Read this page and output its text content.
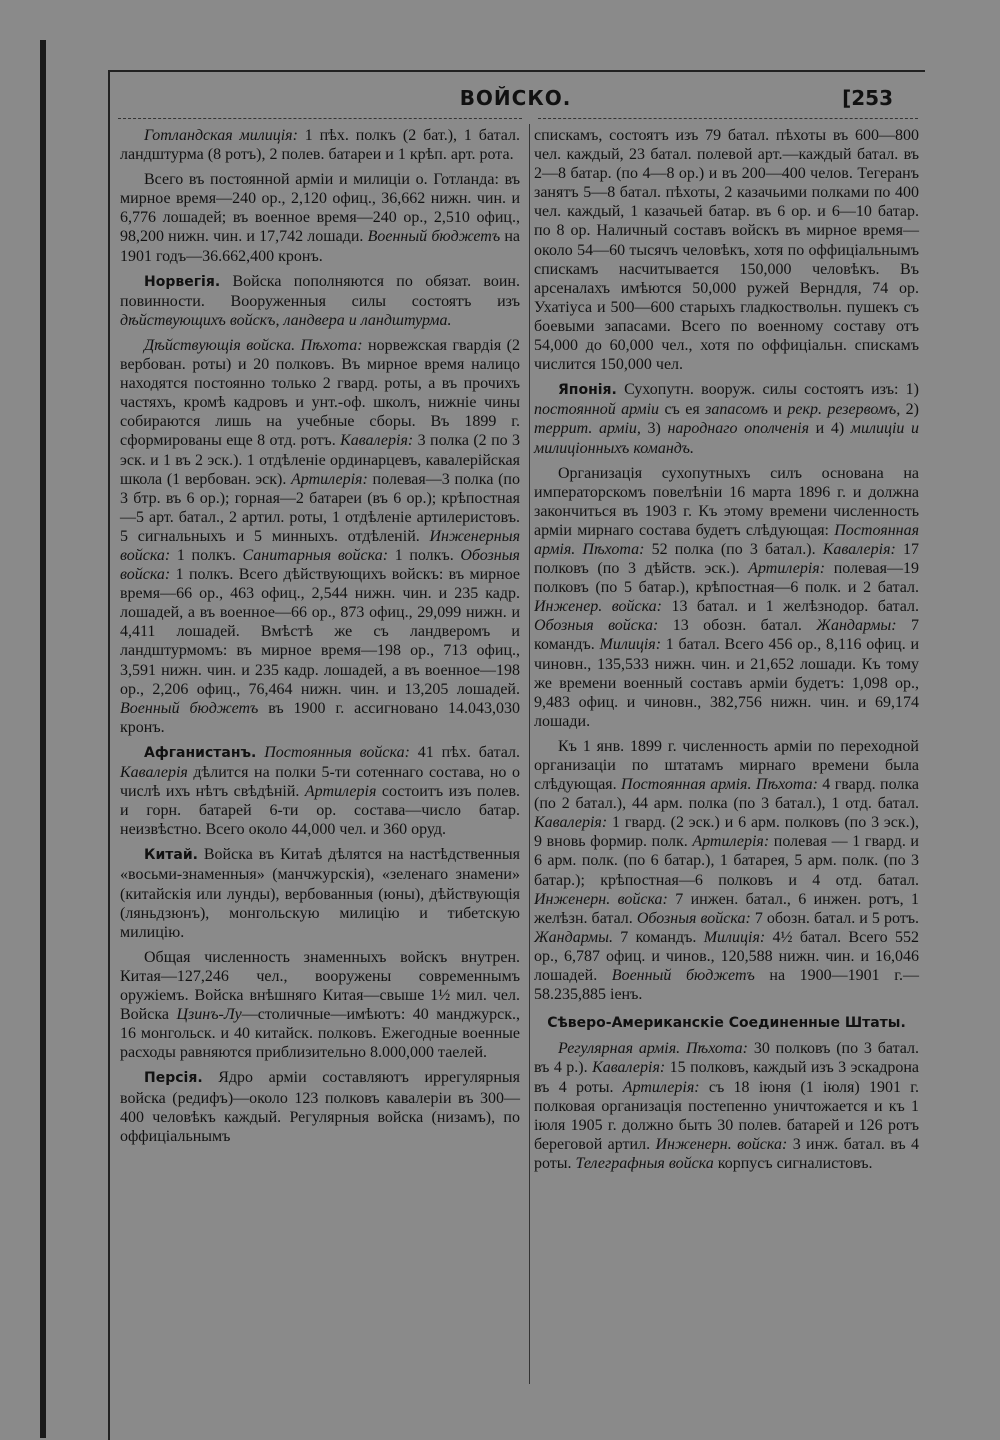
ВОЙСКО.	[253

Готландская милиція: 1 пѣх. полкъ (2 бат.), 1 батал. ландштурма (8 ротъ), 2 полев. батареи и 1 крѣп. арт. рота.

Всего въ постоянной арміи и милиціи о. Готланда: въ мирное время—240 ор., 2,120 офиц., 36,662 нижн. чин. и 6,776 лошадей; въ военное время—240 ор., 2,510 офиц., 98,200 нижн. чин. и 17,742 лошади. Военный бюджетъ на 1901 годъ—36.662,400 кронъ.

Норвегія. Войска пополняются по обязат. воин. повинности. Вооруженныя силы состоятъ изъ дѣйствующихъ войскъ, ландвера и ландштурма.

Дѣйствующія войска. Пѣхота: норвежская гвардія (2 вербован. роты) и 20 полковъ. Въ мирное время налицо находятся постоянно только 2 гвард. роты, а въ прочихъ частяхъ, кромѣ кадровъ и унт.-оф. школъ, нижніе чины собираются лишь на учебные сборы. Въ 1899 г. сформированы еще 8 отд. ротъ. Кавалерія: 3 полка (2 по 3 эск. и 1 въ 2 эск.). 1 отдѣленіе ординарцевъ, кавалерійская школа (1 вербован. эск). Артилерія: полевая—3 полка (по 3 бтр. въ 6 ор.); горная—2 батареи (въ 6 ор.); крѣпостная—5 арт. батал., 2 артил. роты, 1 отдѣленіе артилеристовъ. 5 сигнальныхъ и 5 минныхъ. отдѣленій. Инженерныя войска: 1 полкъ. Санитарныя войска: 1 полкъ. Обозныя войска: 1 полкъ. Всего дѣйствующихъ войскъ: въ мирное время—66 ор., 463 офиц., 2,544 нижн. чин. и 235 кадр. лошадей, а въ военное—66 ор., 873 офиц., 29,099 нижн. и 4,411 лошадей. Вмѣстѣ же съ ландверомъ и ландштурмомъ: въ мирное время—198 ор., 713 офиц., 3,591 нижн. чин. и 235 кадр. лошадей, а въ военное—198 ор., 2,206 офиц., 76,464 нижн. чин. и 13,205 лошадей. Военный бюджетъ въ 1900 г. ассигновано 14.043,030 кронъ.

Афганистанъ. Постоянныя войска: 41 пѣх. батал. Кавалерія дѣлится на полки 5-ти сотеннаго состава, но о числѣ ихъ нѣтъ свѣдѣній. Артилерія состоитъ изъ полев. и горн. батарей 6-ти ор. состава—число батар. неизвѣстно. Всего около 44,000 чел. и 360 оруд.

Китай. Войска въ Китаѣ дѣлятся на настѣдственныя «восьми-знаменныя» (манчжурскія), «зеленаго знамени» (китайскія или лунды), вербованныя (юны), дѣйствующія (ляньдзюнъ), монгольскую милицію и тибетскую милицію.

Общая численность знаменныхъ войскъ внутрен. Китая—127,246 чел., вооружены современнымъ оружіемъ. Войска внѣшняго Китая—свыше 1½ мил. чел. Войска Цзинъ-Лу—столичные—имѣютъ: 40 манджурск., 16 монгольск. и 40 китайск. полковъ. Ежегодные военные расходы равняются приблизительно 8.000,000 таелей.

Персія. Ядро арміи составляютъ иррегулярныя войска (редифъ)—около 123 полковъ кавалеріи въ 300—400 человѣкъ каждый. Регулярныя войска (низамъ), по оффиціальнымъ

спискамъ, состоятъ изъ 79 батал. пѣхоты въ 600—800 чел. каждый, 23 батал. полевой арт.—каждый батал. въ 2—8 батар. (по 4—8 ор.) и въ 200—400 челов. Тегеранъ занятъ 5—8 батал. пѣхоты, 2 казачьими полками по 400 чел. каждый, 1 казачьей батар. въ 6 ор. и 6—10 батар. по 8 ор. Наличный составъ войскъ въ мирное время—около 54—60 тысячъ человѣкъ, хотя по оффиціальнымъ спискамъ насчитывается 150,000 человѣкъ. Въ арсеналахъ имѣются 50,000 ружей Верндля, 74 ор. Ухатіуса и 500—600 старыхъ гладкоствольн. пушекъ съ боевыми запасами. Всего по военному составу отъ 54,000 до 60,000 чел., хотя по оффиціальн. спискамъ числится 150,000 чел.

Японія. Сухопутн. вооруж. силы состоятъ изъ: 1) постоянной арміи съ ея запасомъ и рекр. резервомъ, 2) террит. арміи, 3) народнаго ополченія и 4) милиціи и милиціонныхъ командъ.

Организація сухопутныхъ силъ основана на императорскомъ повелѣніи 16 марта 1896 г. и должна закончиться въ 1903 г. Къ этому времени численность арміи мирнаго состава будетъ слѣдующая: Постоянная армія. Пѣхота: 52 полка (по 3 батал.). Кавалерія: 17 полковъ (по 3 дѣйств. эск.). Артилерія: полевая—19 полковъ (по 5 батар.), крѣпостная—6 полк. и 2 батал. Инженер. войска: 13 батал. и 1 желѣзнодор. батал. Обозныя войска: 13 обозн. батал. Жандармы: 7 командъ. Милиція: 1 батал. Всего 456 ор., 8,116 офиц. и чиновн., 135,533 нижн. чин. и 21,652 лошади. Къ тому же времени военный составъ арміи будетъ: 1,098 ор., 9,483 офиц. и чиновн., 382,756 нижн. чин. и 69,174 лошади.

Къ 1 янв. 1899 г. численность арміи по переходной организаціи по штатамъ мирнаго времени была слѣдующая. Постоянная армія. Пѣхота: 4 гвард. полка (по 2 батал.), 44 арм. полка (по 3 батал.), 1 отд. батал. Кавалерія: 1 гвард. (2 эск.) и 6 арм. полковъ (по 3 эск.), 9 вновь формир. полк. Артилерія: полевая — 1 гвард. и 6 арм. полк. (по 6 батар.), 1 батарея, 5 арм. полк. (по 3 батар.); крѣпостная—6 полковъ и 4 отд. батал. Инженерн. войска: 7 инжен. батал., 6 инжен. ротъ, 1 желѣзн. батал. Обозныя войска: 7 обозн. батал. и 5 ротъ. Жандармы. 7 командъ. Милиція: 4½ батал. Всего 552 ор., 6,787 офиц. и чинов., 120,588 нижн. чин. и 16,046 лошадей. Военный бюджетъ на 1900—1901 г.—58.235,885 іенъ.

Сѣверо-Американскіе Соединенные Штаты.

Регулярная армія. Пѣхота: 30 полковъ (по 3 батал. въ 4 р.). Кавалерія: 15 полковъ, каждый изъ 3 эскадрона въ 4 роты. Артилерія: съ 18 іюня (1 іюля) 1901 г. полковая организація постепенно уничтожается и къ 1 іюля 1905 г. должно быть 30 полев. батарей и 126 ротъ береговой артил. Инженерн. войска: 3 инж. батал. въ 4 роты. Телеграфныя войска корпусъ сигналистовъ.
